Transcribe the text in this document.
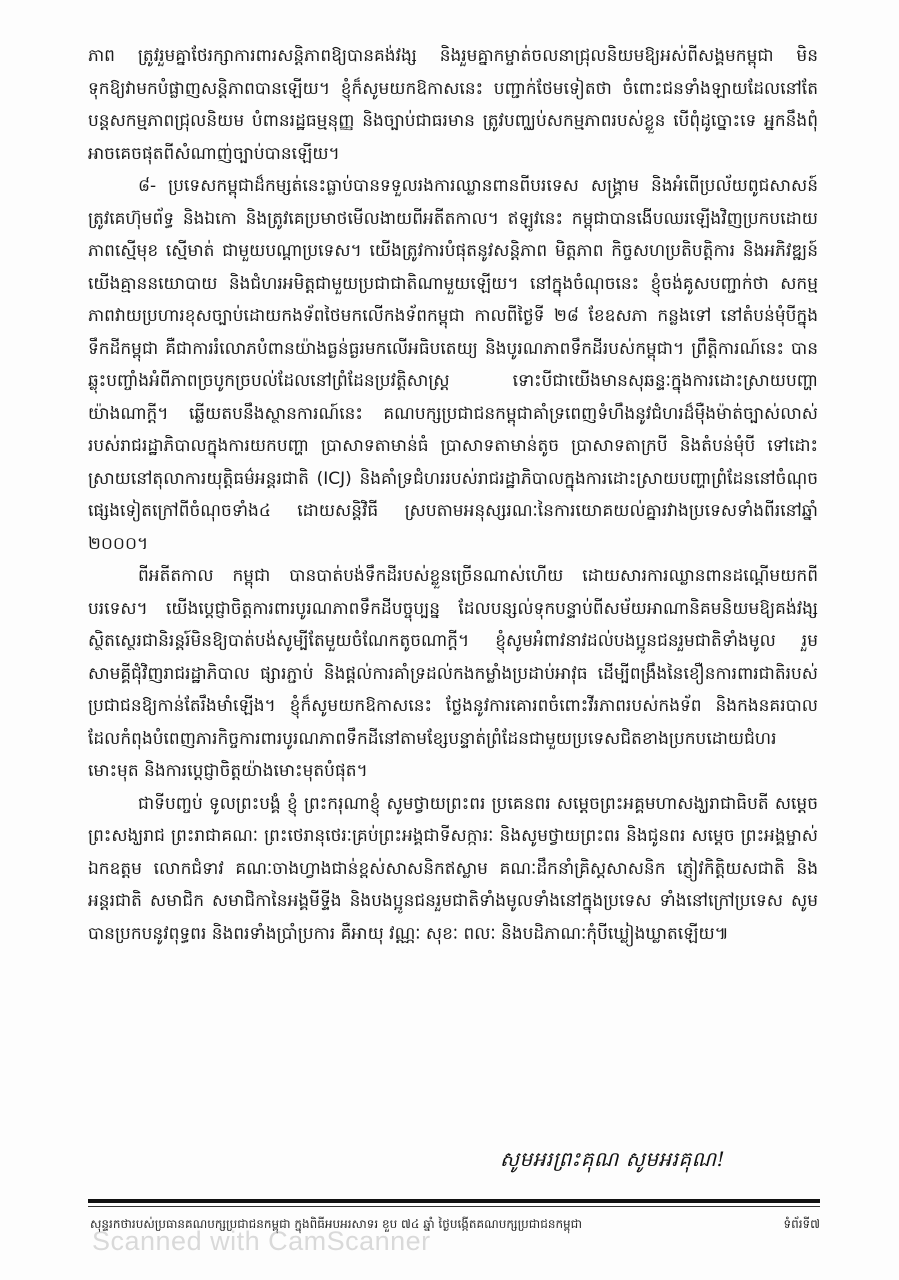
ភាព ត្រូវរួមគ្នាថែរក្សាការពារសន្តិភាពឱ្យបានគង់វង្ស និងរួមគ្នាកម្ចាត់ចលនាជ្រុលនិយមឱ្យអស់ពីសង្គមកម្ពុជា មិនទុកឱ្យវាមកបំផ្លាញសន្តិភាពបានឡើយ។ ខ្ញុំក៏សូមយកឱកាសនេះ បញ្ជាក់ថែមទៀតថា ចំពោះជនទាំងឡាយដែលនៅតែបន្តសកម្មភាពជ្រុលនិយម បំពានរដ្ឋធម្មនុញ្ញ និងច្បាប់ជាធរមាន ត្រូវបញ្ឈប់សកម្មភាពរបស់ខ្លួន បើពុំដូច្នោះទេ អ្នកនឹងពុំអាចគេចផុតពីសំណាញ់ច្បាប់បានឡើយ។

៨- ប្រទេសកម្ពុជាដ៏កម្សត់នេះធ្លាប់បានទទួលរងការឈ្លានពានពីបរទេស សង្គ្រាម និងអំពើប្រល័យពូជសាសន៍ ត្រូវគេហ៊ុមព័ទ្ធ និងឯកោ និងត្រូវគេប្រមាថមើលងាយពីអតីតកាល។ ឥឡូវនេះ កម្ពុជាបានងើបឈរឡើងវិញប្រកបដោយភាពស្មើមុខ ស្មើមាត់ ជាមួយបណ្តាប្រទេស។ យើងត្រូវការបំផុតនូវសន្តិភាព មិត្តភាព កិច្ចសហប្រតិបត្តិការ និងអភិវឌ្ឍន៍ យើងគ្មាននយោបាយ និងជំហរអមិត្តជាមួយប្រជាជាតិណាមួយឡើយ។ នៅក្នុងចំណុចនេះ ខ្ញុំចង់គូសបញ្ជាក់ថា សកម្មភាពវាយប្រហារខុសច្បាប់ដោយកងទ័ពថៃមកលើកងទ័ពកម្ពុជា កាលពីថ្ងៃទី ២៨ ខែឧសភា កន្លងទៅ នៅតំបន់មុំបីក្នុងទឹកដីកម្ពុជា គឺជាការរំលោភបំពានយ៉ាងធ្ងន់ធ្ងរមកលើអធិបតេយ្យ និងបូរណភាពទឹកដីរបស់កម្ពុជា។ ព្រឹត្តិការណ៍នេះ បានឆ្លុះបញ្ចាំងអំពីភាពច្របូកច្របល់ដែលនៅព្រំដែនប្រវត្តិសាស្ត្រ ទោះបីជាយើងមានសុឆន្ទៈក្នុងការដោះស្រាយបញ្ហាយ៉ាងណាក្តី។ ឆ្លើយតបនឹងស្ថានការណ៍នេះ គណបក្សប្រជាជនកម្ពុជាគាំទ្រពេញទំហឹងនូវជំហរដ៏ម៉ឺងម៉ាត់ច្បាស់លាស់របស់រាជរដ្ឋាភិបាលក្នុងការយកបញ្ហា ប្រាសាទតាមាន់ធំ ប្រាសាទតាមាន់តូច ប្រាសាទតាក្របី និងតំបន់មុំបី ទៅដោះស្រាយនៅតុលាការយុត្តិធម៌អន្តរជាតិ (ICJ) និងគាំទ្រជំហររបស់រាជរដ្ឋាភិបាលក្នុងការដោះស្រាយបញ្ហាព្រំដែននៅចំណុចផ្សេងទៀតក្រៅពីចំណុចទាំង៤ ដោយសន្តិវិធី ស្របតាមអនុស្សរណៈនៃការយោគយល់គ្នារវាងប្រទេសទាំងពីរនៅឆ្នាំ ២០០០។

ពីអតីតកាល កម្ពុជា បានបាត់បង់ទឹកដីរបស់ខ្លួនច្រើនណាស់ហើយ ដោយសារការឈ្លានពានដណ្តើមយកពីបរទេស។ យើងប្តេជ្ញាចិត្តការពារបូរណភាពទឹកដីបច្ចុប្បន្ន ដែលបន្សល់ទុកបន្ទាប់ពីសម័យអាណានិគមនិយមឱ្យគង់វង្ស ស្ថិតស្ថេរជានិរន្តរ៍មិនឱ្យបាត់បង់សូម្បីតែមួយចំណែកតូចណាក្តី។ ខ្ញុំសូមអំពាវនាវដល់បងប្អូនជនរួមជាតិទាំងមូល រួមសាមគ្គីជុំវិញរាជរដ្ឋាភិបាល ផ្សារភ្ជាប់ និងផ្តល់ការគាំទ្រដល់កងកម្លាំងប្រដាប់អាវុធ ដើម្បីពង្រឹងនៃខឿនការពារជាតិរបស់ប្រជាជនឱ្យកាន់តែរឹងមាំឡើង។ ខ្ញុំក៏សូមយកឱកាសនេះ ថ្លែងនូវការគោរពចំពោះវីរភាពរបស់កងទ័ព និងកងនគរបាលដែលកំពុងបំពេញភារកិច្ចការពារបូរណភាពទឹកដីនៅតាមខ្សែបន្ទាត់ព្រំដែនជាមួយប្រទេសជិតខាងប្រកបដោយជំហរមោះមុត និងការប្តេជ្ញាចិត្តយ៉ាងមោះមុតបំផុត។

ជាទីបញ្ចប់ ទូលព្រះបង្គំ ខ្ញុំ ព្រះករុណាខ្ញុំ សូមថ្វាយព្រះពរ ប្រគេនពរ សម្តេចព្រះអគ្គមហាសង្ឃរាជាធិបតី សម្តេចព្រះសង្ឃរាជ ព្រះរាជាគណៈ ព្រះថេរានុថេរៈគ្រប់ព្រះអង្គជាទីសក្ការៈ និងសូមថ្វាយព្រះពរ និងជូនពរ សម្តេច ព្រះអង្គម្ចាស់ ឯកឧត្តម លោកជំទាវ គណៈចាងហ្វាងជាន់ខ្ពស់សាសនិកឥស្លាម គណៈដឹកនាំគ្រិស្តសាសនិក ភ្ញៀវកិត្តិយសជាតិ និងអន្តរជាតិ សមាជិក សមាជិកានៃអង្គមីទ្ទីង និងបងប្អូនជនរួមជាតិទាំងមូលទាំងនៅក្នុងប្រទេស ទាំងនៅក្រៅប្រទេស សូមបានប្រកបនូវពុទ្ធពរ និងពរទាំងប្រាំប្រការ គឺអាយុ វណ្ណៈ សុខៈ ពលៈ និងបដិភាណៈកុំបីឃ្លៀងឃ្លាតឡើយ៕

សូមអរព្រះគុណ សូមអរគុណ!
សុន្ទរកថារបស់ប្រធានគណបក្សប្រជាជនកម្ពុជា ក្នុងពិធីអបអរសាទរ ខួប ៧៤ ឆ្នាំ ថ្ងៃបង្កើតគណបក្សប្រជាជនកម្ពុជា	ទំព័រទី៧
Scanned with CamScanner
